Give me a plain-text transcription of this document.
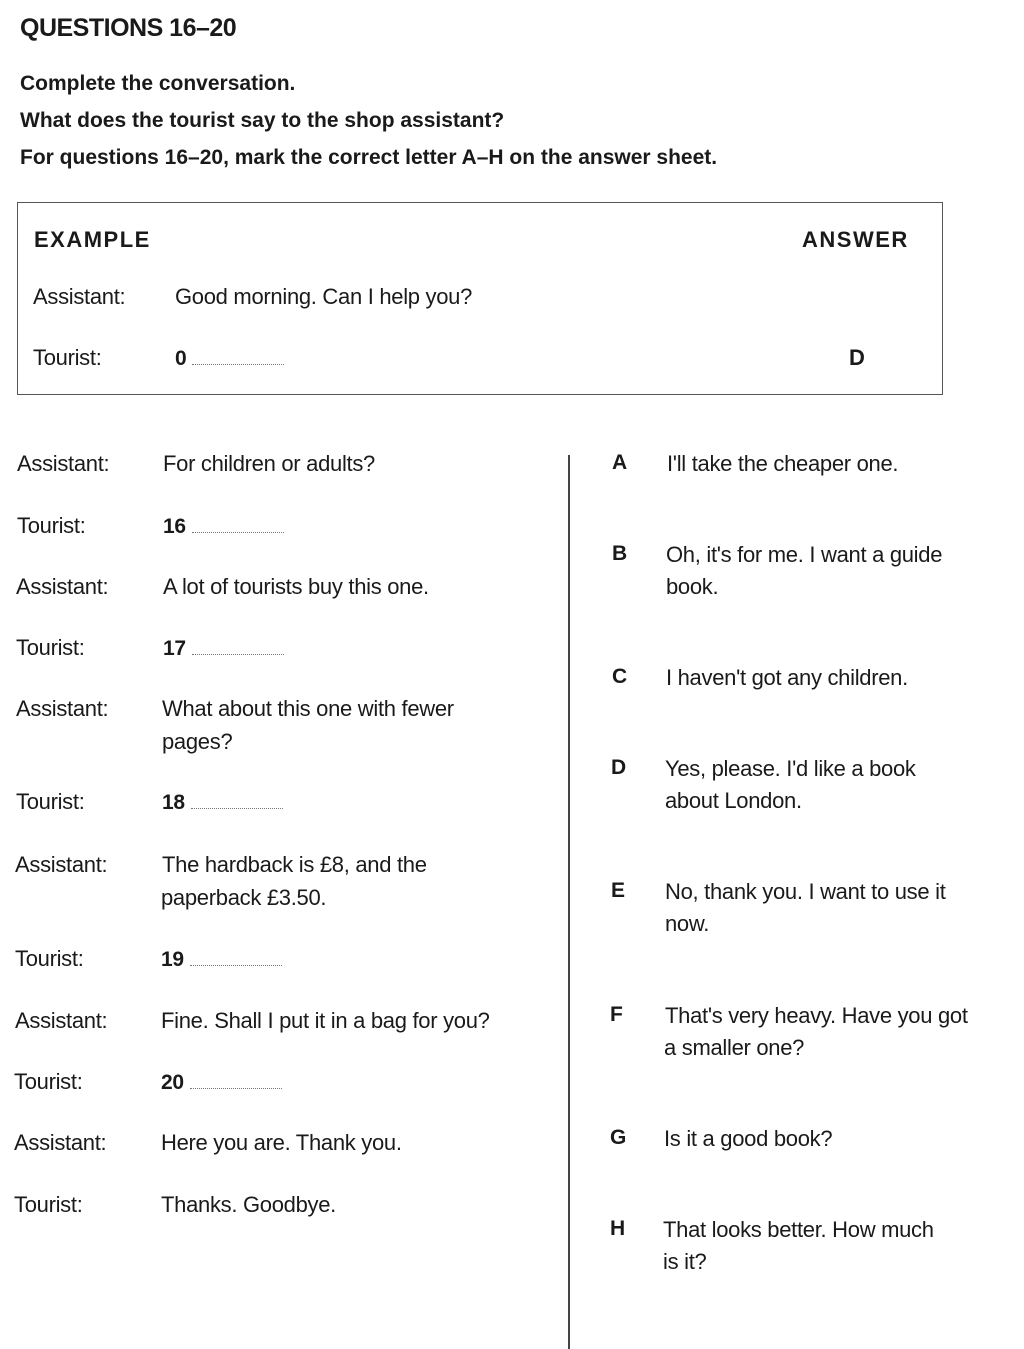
QUESTIONS 16–20
Complete the conversation.
What does the tourist say to the shop assistant?
For questions 16–20, mark the correct letter A–H on the answer sheet.
EXAMPLE	ANSWER
Assistant: Good morning. Can I help you?
Tourist:	0	D
Assistant: For children or adults?
Tourist:	16
Assistant: A lot of tourists buy this one.
Tourist:	17
Assistant: What about this one with fewer
pages?
Tourist:	18
Assistant: The hardback is £8, and the
paperback £3.50.
Tourist:	19
Assistant: Fine. Shall I put it in a bag for you?
Tourist:	20
Assistant: Here you are. Thank you.
Tourist:	Thanks. Goodbye.
A I'll take the cheaper one.
B Oh, it's for me. I want a guide
book.
C I haven't got any children.
D Yes, please. I'd like a book
about London.
E No, thank you. I want to use it
now.
F That's very heavy. Have you got
a smaller one?
G Is it a good book?
H That looks better. How much
is it?
